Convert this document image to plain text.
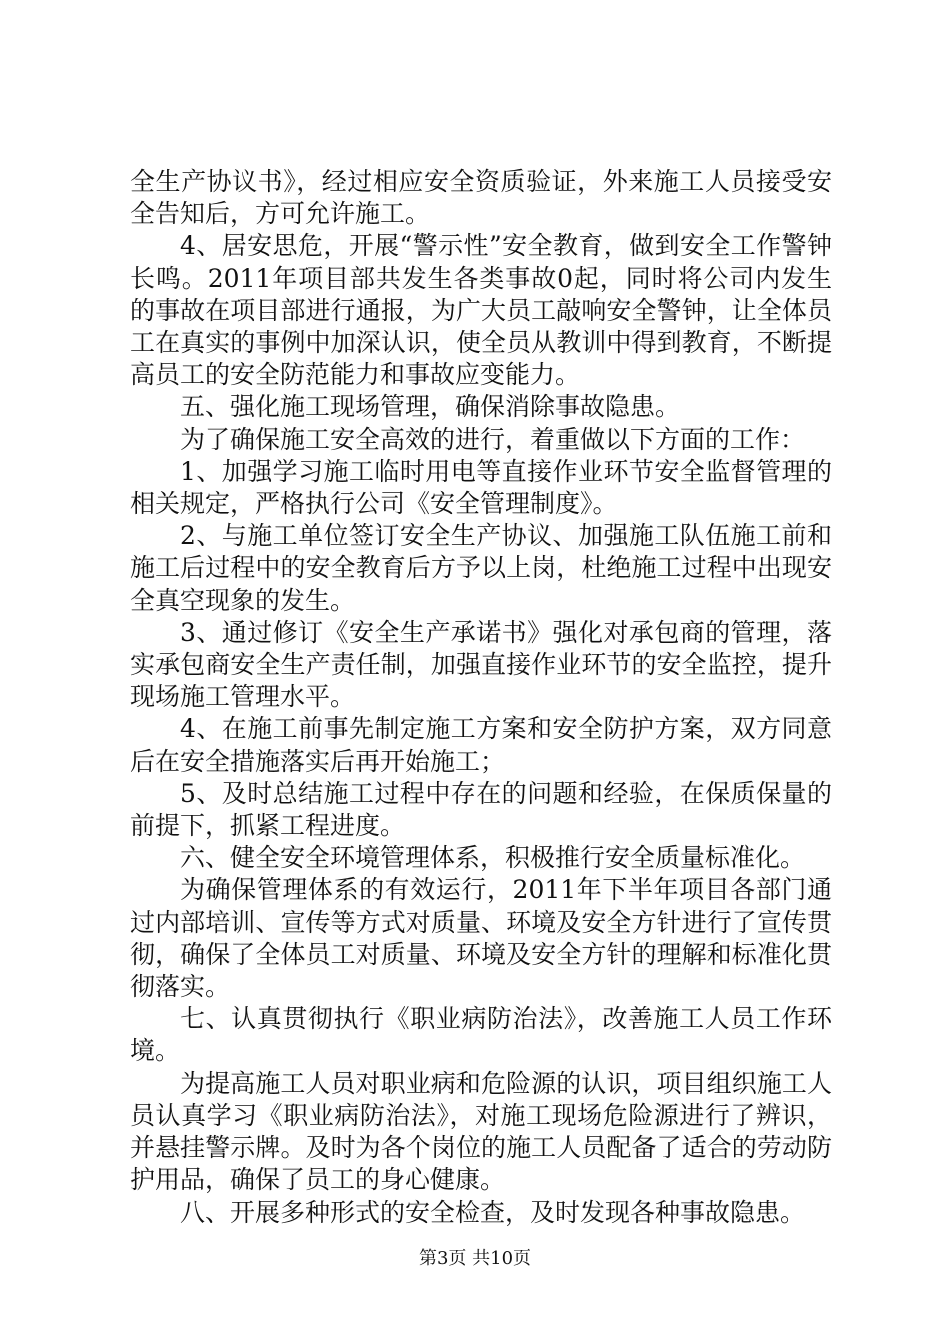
全生产协议书》，经过相应安全资质验证，外来施工人员接受安全告知后，方可允许施工。

4、居安思危，开展“警示性”安全教育，做到安全工作警钟长鸣。2011年项目部共发生各类事故0起，同时将公司内发生的事故在项目部进行通报，为广大员工敲响安全警钟，让全体员工在真实的事例中加深认识，使全员从教训中得到教育，不断提高员工的安全防范能力和事故应变能力。

五、强化施工现场管理，确保消除事故隐患。

为了确保施工安全高效的进行，着重做以下方面的工作：

1、加强学习施工临时用电等直接作业环节安全监督管理的相关规定，严格执行公司《安全管理制度》。

2、与施工单位签订安全生产协议、加强施工队伍施工前和施工后过程中的安全教育后方予以上岗，杜绝施工过程中出现安全真空现象的发生。

3、通过修订《安全生产承诺书》强化对承包商的管理，落实承包商安全生产责任制，加强直接作业环节的安全监控，提升现场施工管理水平。

4、在施工前事先制定施工方案和安全防护方案，双方同意后在安全措施落实后再开始施工；

5、及时总结施工过程中存在的问题和经验，在保质保量的前提下，抓紧工程进度。

六、健全安全环境管理体系，积极推行安全质量标准化。

为确保管理体系的有效运行，2011年下半年项目各部门通过内部培训、宣传等方式对质量、环境及安全方针进行了宣传贯彻，确保了全体员工对质量、环境及安全方针的理解和标准化贯彻落实。

七、认真贯彻执行《职业病防治法》，改善施工人员工作环境。

为提高施工人员对职业病和危险源的认识，项目组织施工人员认真学习《职业病防治法》，对施工现场危险源进行了辨识，并悬挂警示牌。及时为各个岗位的施工人员配备了适合的劳动防护用品，确保了员工的身心健康。

八、开展多种形式的安全检查，及时发现各种事故隐患。

第3页 共10页
